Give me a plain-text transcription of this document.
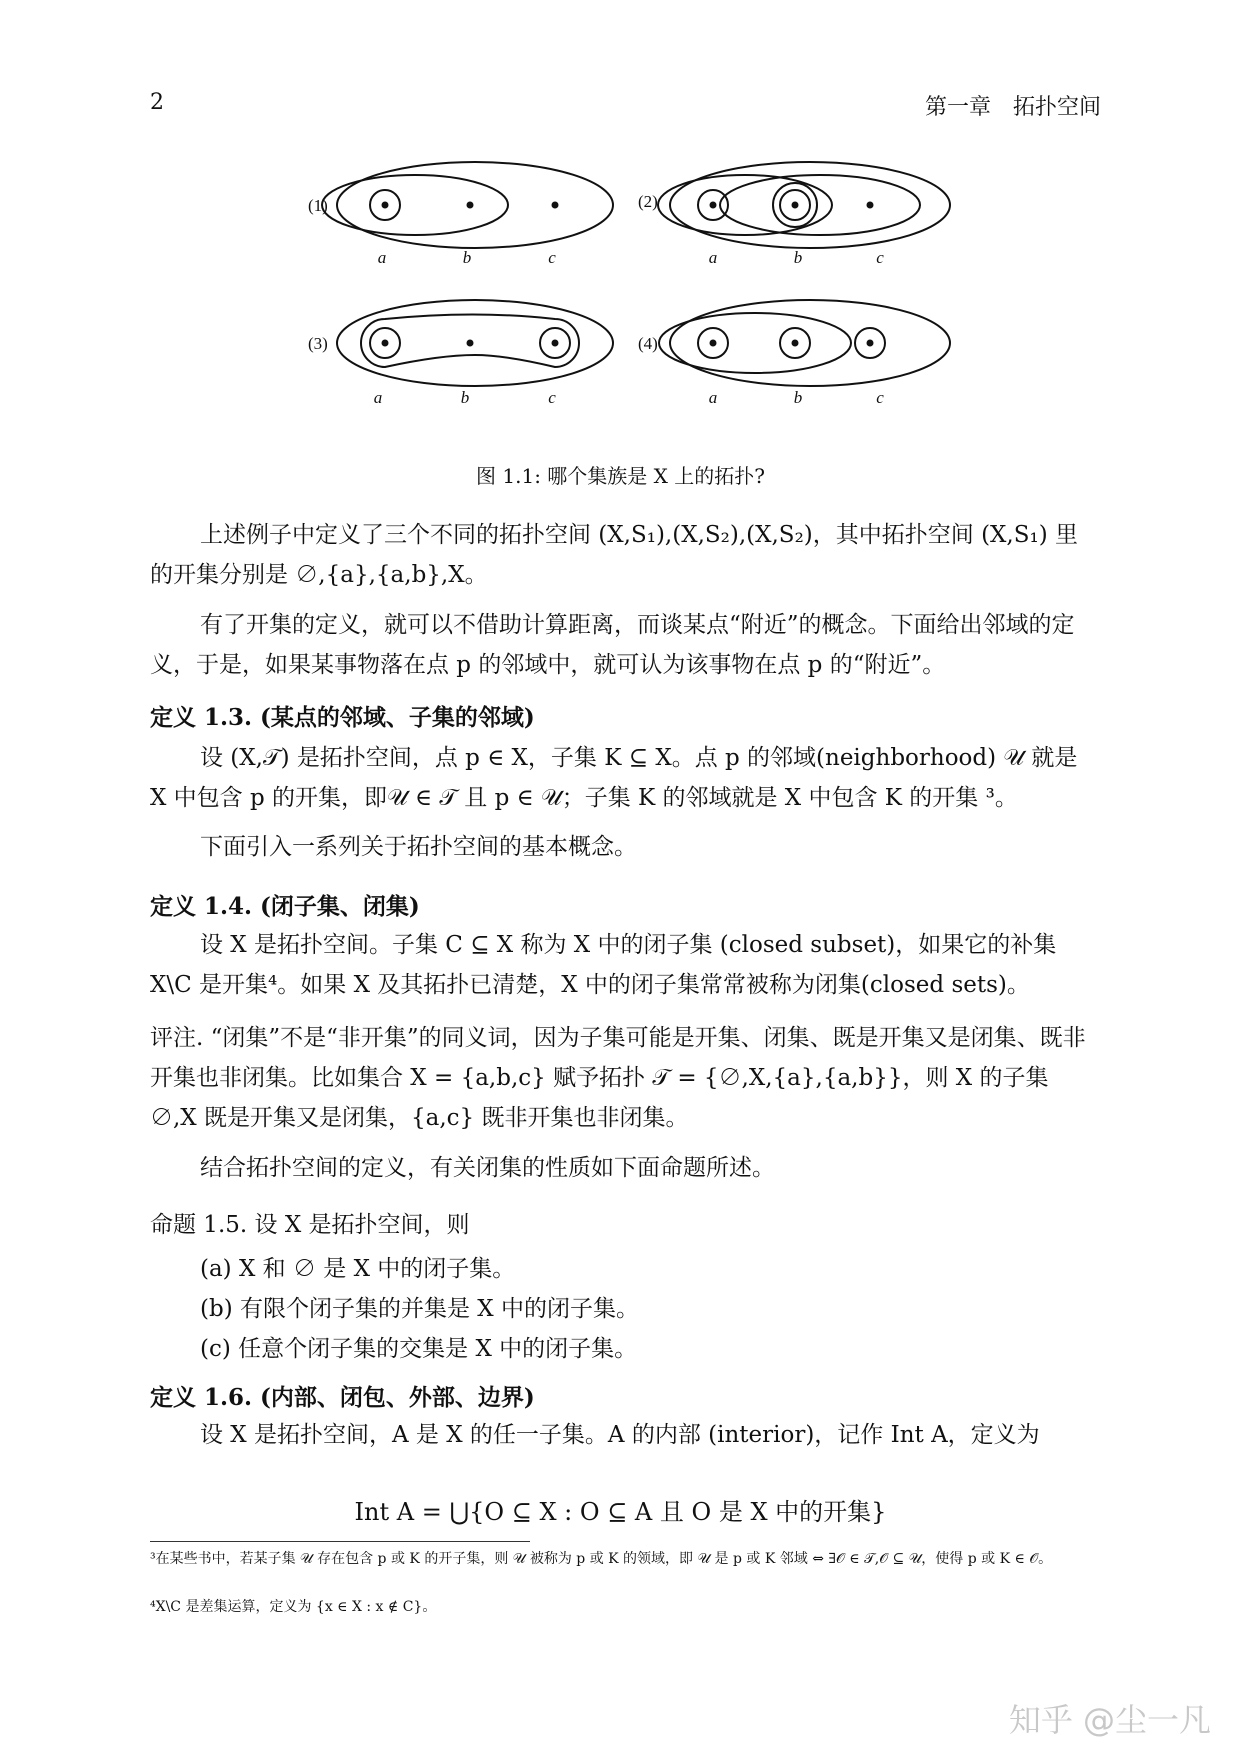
2	第一章　拓扑空间
(1)	(2)
(3)	(4)
a	b	c	a	b	c
a	b	c	a	b	c
图 1.1: 哪个集族是 X 上的拓扑?
上述例子中定义了三个不同的拓扑空间 (X,S₁),(X,S₂),(X,S₂)，其中拓扑空间 (X,S₁) 里的开集分别是 ∅,{a},{a,b},X。
有了开集的定义，就可以不借助计算距离，而谈某点“附近”的概念。下面给出邻域的定义，于是，如果某事物落在点 p 的邻域中，就可认为该事物在点 p 的“附近”。
定义 1.3. (某点的邻域、子集的邻域)
设 (X,𝒯) 是拓扑空间，点 p ∈ X，子集 K ⊆ X。点 p 的邻域(neighborhood) 𝒰 就是 X 中包含 p 的开集，即𝒰 ∈ 𝒯 且 p ∈ 𝒰；子集 K 的邻域就是 X 中包含 K 的开集 ³。
下面引入一系列关于拓扑空间的基本概念。
定义 1.4. (闭子集、闭集)
设 X 是拓扑空间。子集 C ⊆ X 称为 X 中的闭子集 (closed subset)，如果它的补集 X\C 是开集⁴。如果 X 及其拓扑已清楚，X 中的闭子集常常被称为闭集(closed sets)。
评注. “闭集”不是“非开集”的同义词，因为子集可能是开集、闭集、既是开集又是闭集、既非开集也非闭集。比如集合 X = {a,b,c} 赋予拓扑 𝒯 = {∅,X,{a},{a,b}}，则 X 的子集 ∅,X 既是开集又是闭集，{a,c} 既非开集也非闭集。
结合拓扑空间的定义，有关闭集的性质如下面命题所述。
命题 1.5. 设 X 是拓扑空间，则
(a) X 和 ∅ 是 X 中的闭子集。
(b) 有限个闭子集的并集是 X 中的闭子集。
(c) 任意个闭子集的交集是 X 中的闭子集。
定义 1.6. (内部、闭包、外部、边界)
设 X 是拓扑空间，A 是 X 的任一子集。A 的内部 (interior)，记作 Int A，定义为
Int A = ⋃{O ⊆ X : O ⊆ A 且 O 是 X 中的开集}
³在某些书中，若某子集 𝒰 存在包含 p 或 K 的开子集，则 𝒰 被称为 p 或 K 的领域，即 𝒰 是 p 或 K 邻域 ⇔ ∃𝒪 ∈ 𝒯,𝒪 ⊆ 𝒰，使得 p 或 K ∈ 𝒪。
⁴X\C 是差集运算，定义为 {x ∈ X : x ∉ C}。
知乎 @尘一凡
